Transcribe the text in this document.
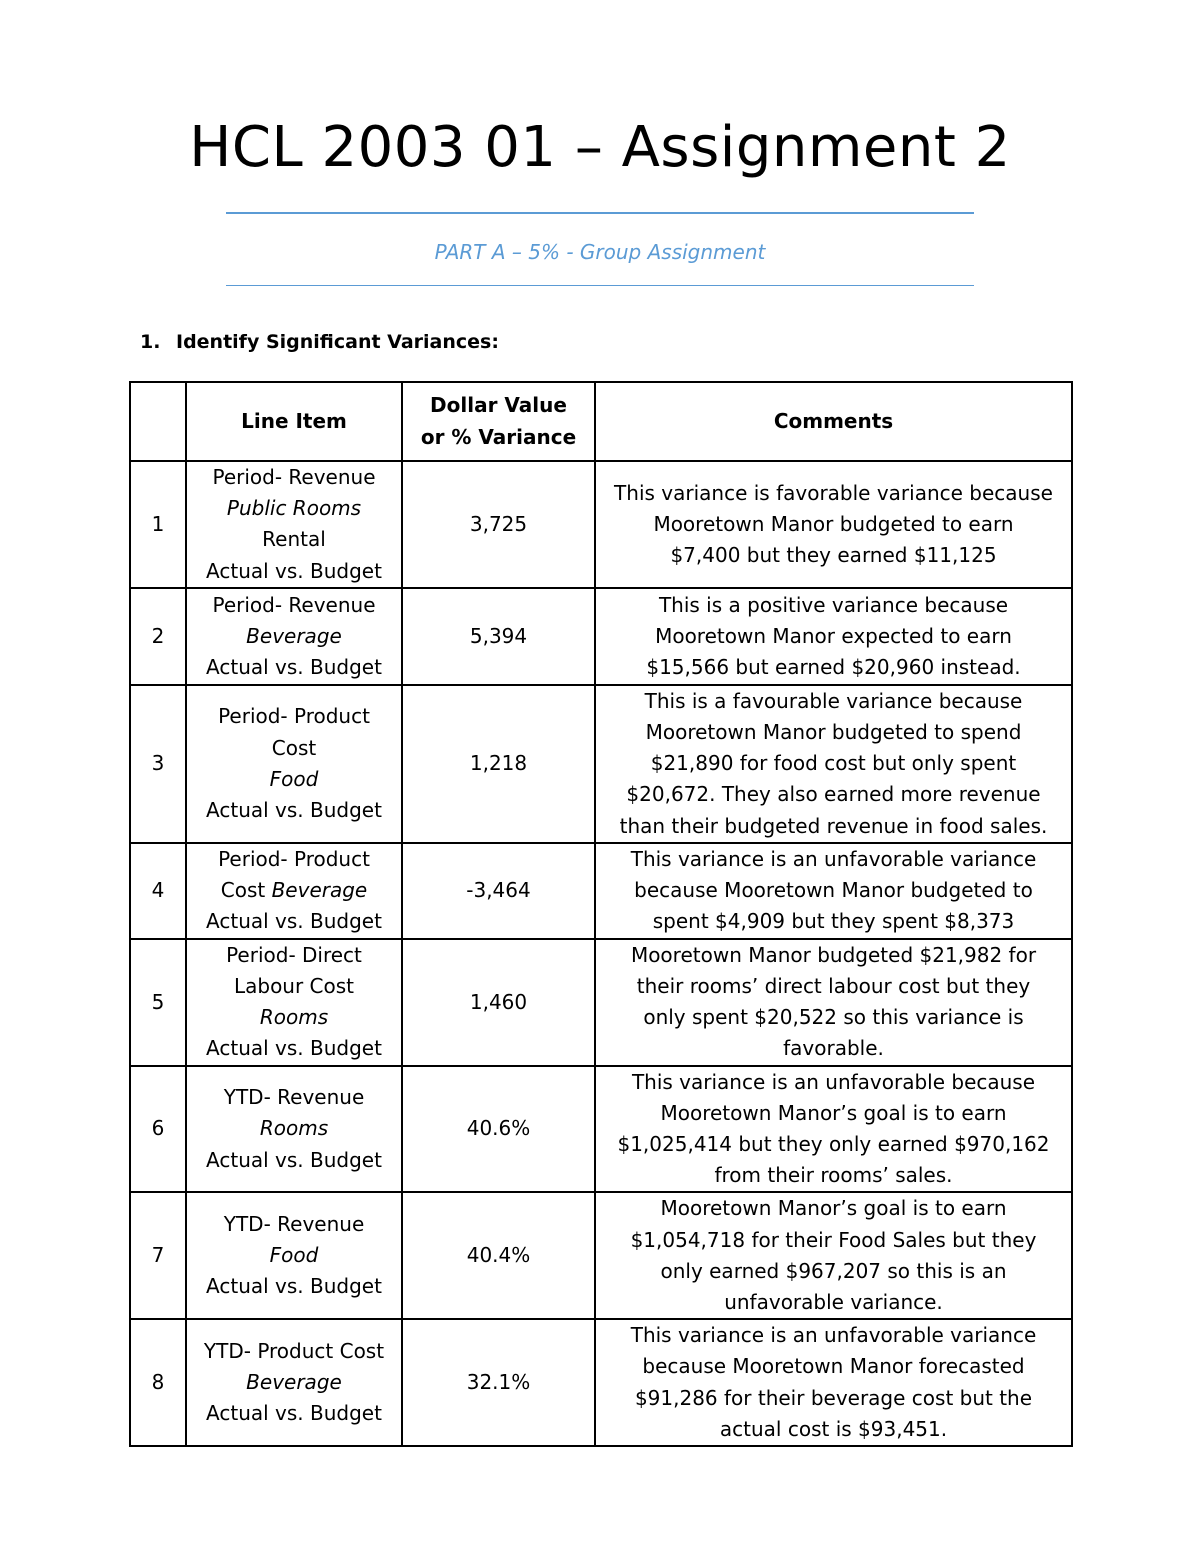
HCL 2003 01 – Assignment 2
PART A – 5% - Group Assignment
1. Identify Significant Variances:
	Line Item	Dollar Value
or % Variance	Comments
1	Period- Revenue
Public Rooms
Rental
Actual vs. Budget	3,725	This variance is favorable variance because
Mooretown Manor budgeted to earn
$7,400 but they earned $11,125

2	Period- Revenue
Beverage
Actual vs. Budget	5,394	This is a positive variance because
Mooretown Manor expected to earn
$15,566 but earned $20,960 instead.

3	Period- Product
Cost
Food
Actual vs. Budget	1,218	This is a favourable variance because
Mooretown Manor budgeted to spend
$21,890 for food cost but only spent
$20,672. They also earned more revenue
than their budgeted revenue in food sales.

4	Period- Product
Cost Beverage
Actual vs. Budget	-3,464	This variance is an unfavorable variance
because Mooretown Manor budgeted to
spent $4,909 but they spent $8,373

5	Period- Direct
Labour Cost
Rooms
Actual vs. Budget	1,460	Mooretown Manor budgeted $21,982 for
their rooms’ direct labour cost but they
only spent $20,522 so this variance is
favorable.

6	YTD- Revenue
Rooms
Actual vs. Budget	40.6%	This variance is an unfavorable because
Mooretown Manor’s goal is to earn
$1,025,414 but they only earned $970,162
from their rooms’ sales.

7	YTD- Revenue
Food
Actual vs. Budget	40.4%	Mooretown Manor’s goal is to earn
$1,054,718 for their Food Sales but they
only earned $967,207 so this is an
unfavorable variance.

8	YTD- Product Cost
Beverage
Actual vs. Budget	32.1%	This variance is an unfavorable variance
because Mooretown Manor forecasted
$91,286 for their beverage cost but the
actual cost is $93,451.
